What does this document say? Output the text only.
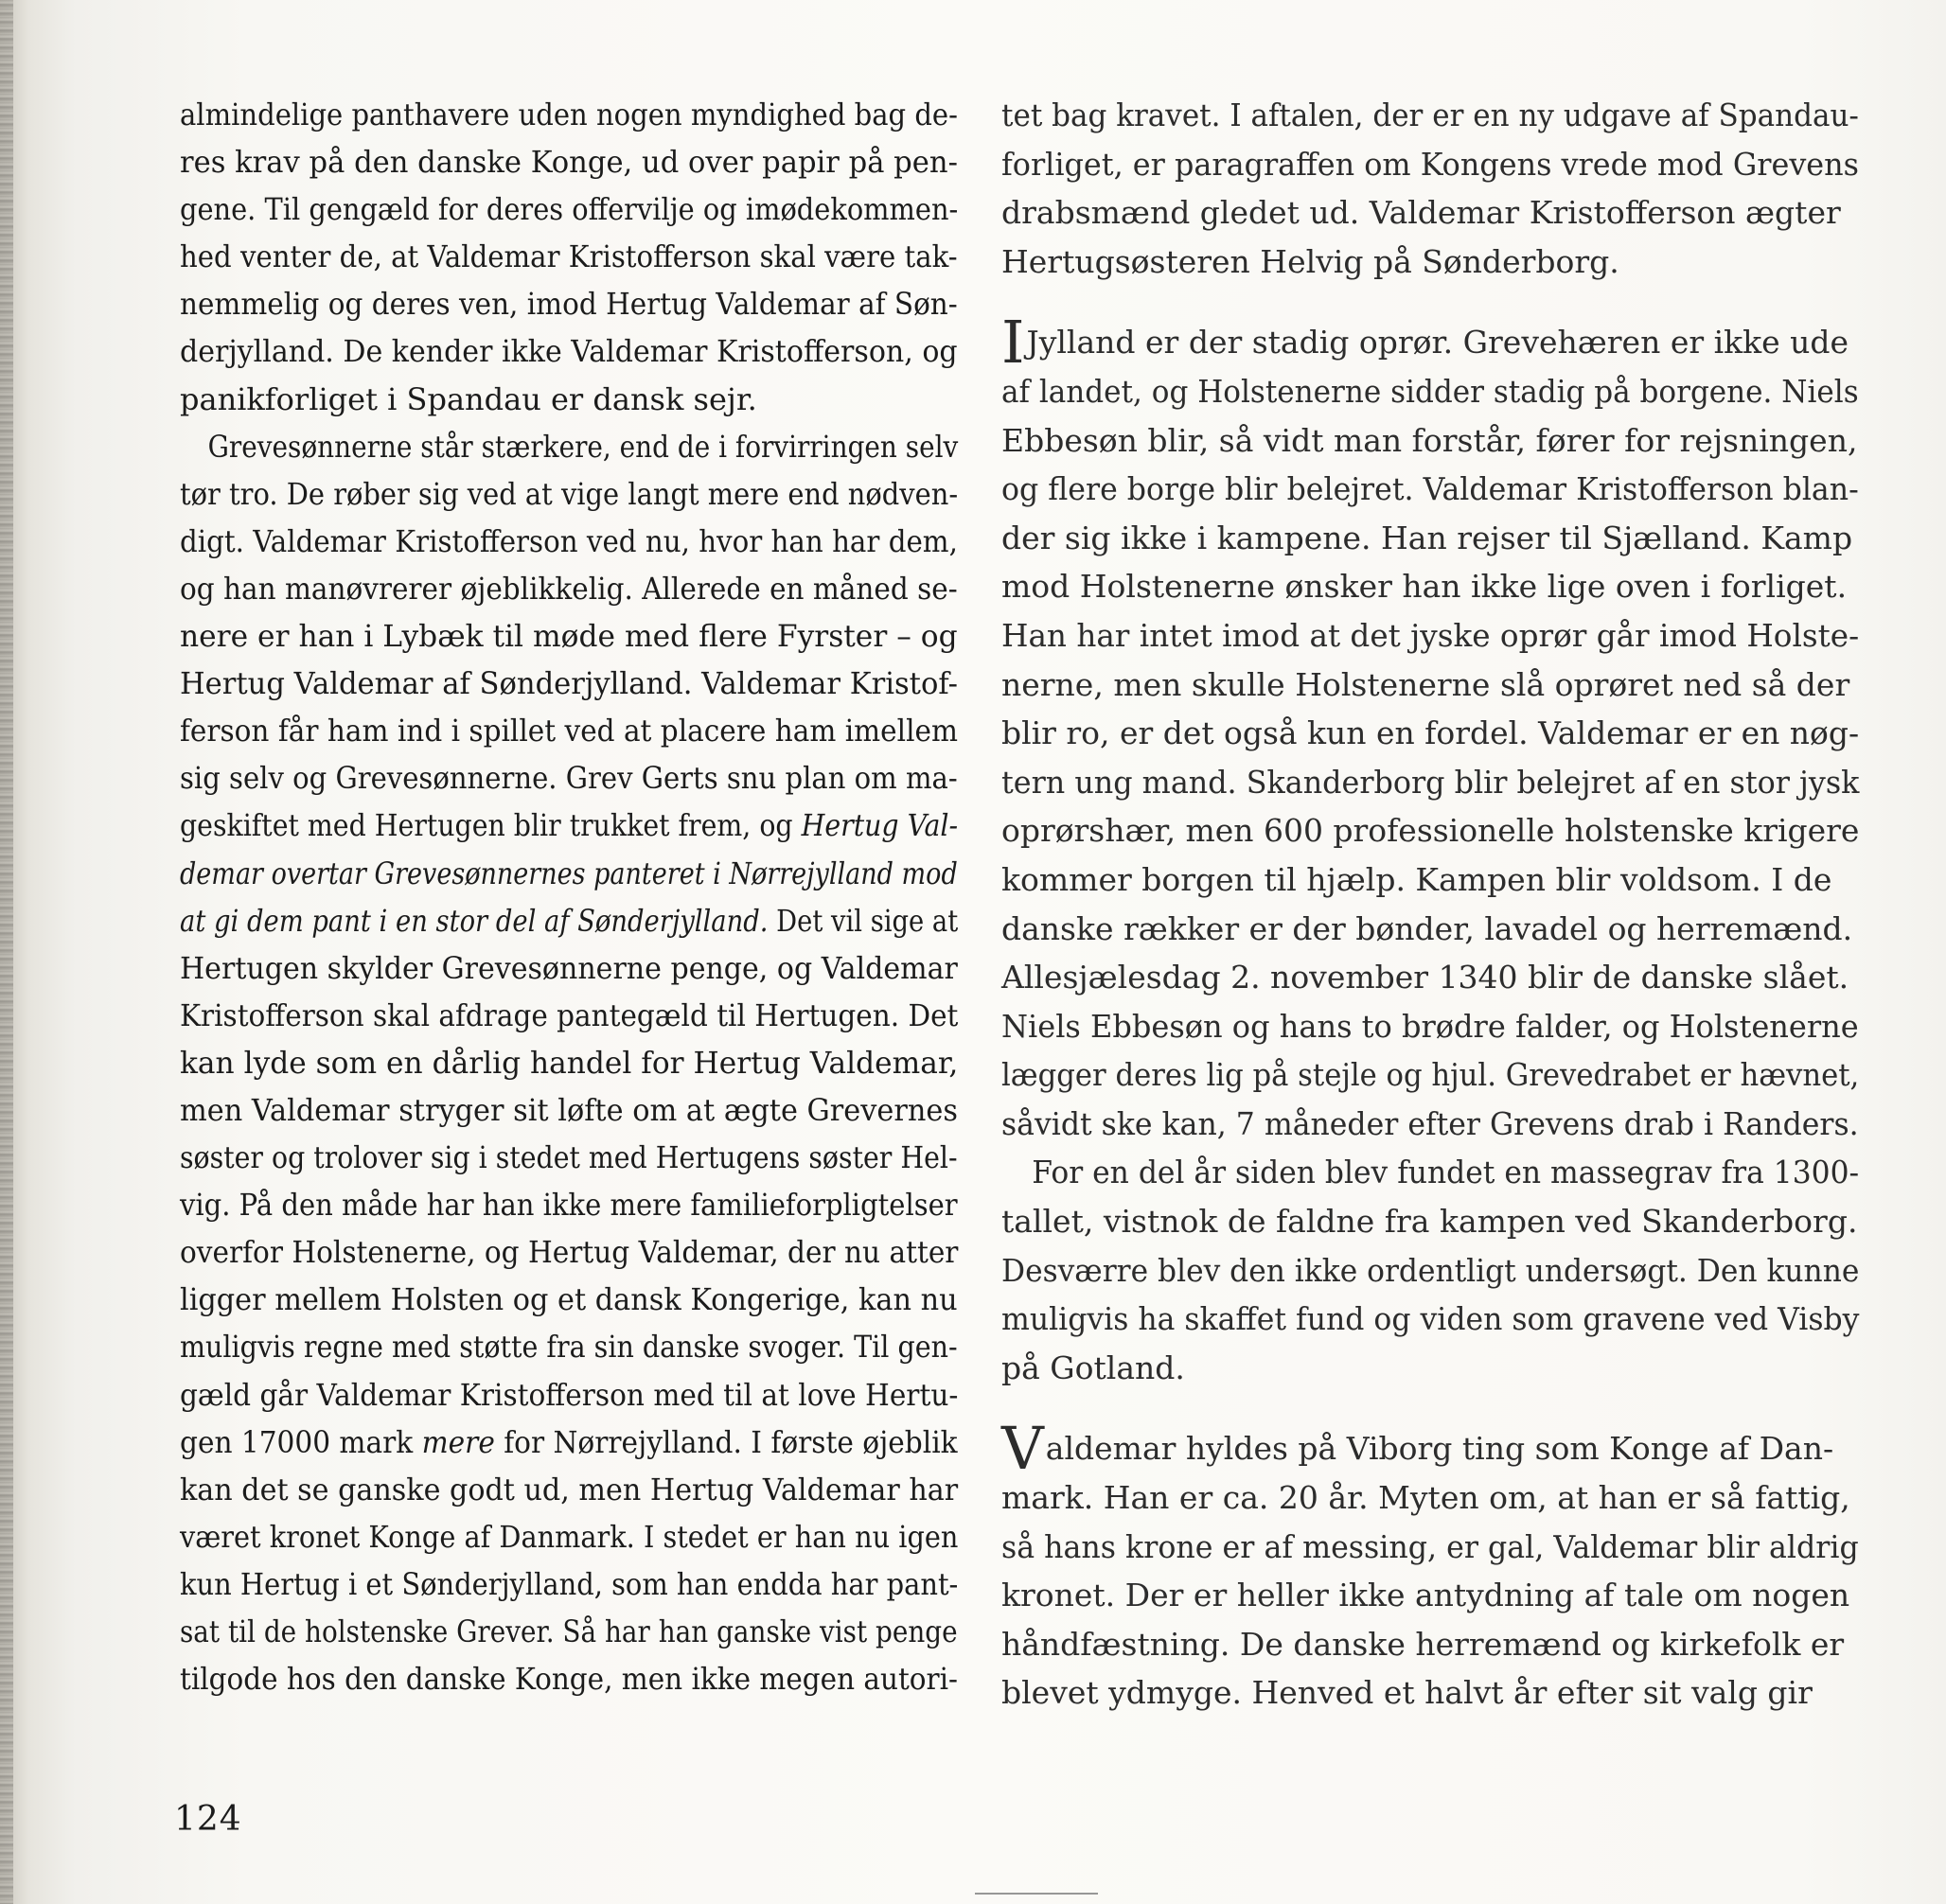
almindelige panthavere uden nogen myndighed bag de-
res krav på den danske Konge, ud over papir på pen-
gene. Til gengæld for deres offervilje og imødekommen-
hed venter de, at Valdemar Kristofferson skal være tak-
nemmelig og deres ven, imod Hertug Valdemar af Søn-
derjylland. De kender ikke Valdemar Kristofferson, og
panikforliget i Spandau er dansk sejr.
Grevesønnerne står stærkere, end de i forvirringen selv
tør tro. De røber sig ved at vige langt mere end nødven-
digt. Valdemar Kristofferson ved nu, hvor han har dem,
og han manøvrerer øjeblikkelig. Allerede en måned se-
nere er han i Lybæk til møde med flere Fyrster – og
Hertug Valdemar af Sønderjylland. Valdemar Kristof-
ferson får ham ind i spillet ved at placere ham imellem
sig selv og Grevesønnerne. Grev Gerts snu plan om ma-
geskiftet med Hertugen blir trukket frem, og Hertug Val-
demar overtar Grevesønnernes panteret i Nørrejylland mod
at gi dem pant i en stor del af Sønderjylland. Det vil sige at
Hertugen skylder Grevesønnerne penge, og Valdemar
Kristofferson skal afdrage pantegæld til Hertugen. Det
kan lyde som en dårlig handel for Hertug Valdemar,
men Valdemar stryger sit løfte om at ægte Grevernes
søster og trolover sig i stedet med Hertugens søster Hel-
vig. På den måde har han ikke mere familieforpligtelser
overfor Holstenerne, og Hertug Valdemar, der nu atter
ligger mellem Holsten og et dansk Kongerige, kan nu
muligvis regne med støtte fra sin danske svoger. Til gen-
gæld går Valdemar Kristofferson med til at love Hertu-
gen 17000 mark mere for Nørrejylland. I første øjeblik
kan det se ganske godt ud, men Hertug Valdemar har
været kronet Konge af Danmark. I stedet er han nu igen
kun Hertug i et Sønderjylland, som han endda har pant-
sat til de holstenske Grever. Så har han ganske vist penge
tilgode hos den danske Konge, men ikke megen autori-
tet bag kravet. I aftalen, der er en ny udgave af Spandau-
forliget, er paragraffen om Kongens vrede mod Grevens
drabsmænd gledet ud. Valdemar Kristofferson ægter
Hertugsøsteren Helvig på Sønderborg.
I Jylland er der stadig oprør. Grevehæren er ikke ude
af landet, og Holstenerne sidder stadig på borgene. Niels
Ebbesøn blir, så vidt man forstår, fører for rejsningen,
og flere borge blir belejret. Valdemar Kristofferson blan-
der sig ikke i kampene. Han rejser til Sjælland. Kamp
mod Holstenerne ønsker han ikke lige oven i forliget.
Han har intet imod at det jyske oprør går imod Holste-
nerne, men skulle Holstenerne slå oprøret ned så der
blir ro, er det også kun en fordel. Valdemar er en nøg-
tern ung mand. Skanderborg blir belejret af en stor jysk
oprørshær, men 600 professionelle holstenske krigere
kommer borgen til hjælp. Kampen blir voldsom. I de
danske rækker er der bønder, lavadel og herremænd.
Allesjælesdag 2. november 1340 blir de danske slået.
Niels Ebbesøn og hans to brødre falder, og Holstenerne
lægger deres lig på stejle og hjul. Grevedrabet er hævnet,
såvidt ske kan, 7 måneder efter Grevens drab i Randers.
For en del år siden blev fundet en massegrav fra 1300-
tallet, vistnok de faldne fra kampen ved Skanderborg.
Desværre blev den ikke ordentligt undersøgt. Den kunne
muligvis ha skaffet fund og viden som gravene ved Visby
på Gotland.
V aldemar hyldes på Viborg ting som Konge af Dan-
mark. Han er ca. 20 år. Myten om, at han er så fattig,
så hans krone er af messing, er gal, Valdemar blir aldrig
kronet. Der er heller ikke antydning af tale om nogen
håndfæstning. De danske herremænd og kirkefolk er
blevet ydmyge. Henved et halvt år efter sit valg gir
124
